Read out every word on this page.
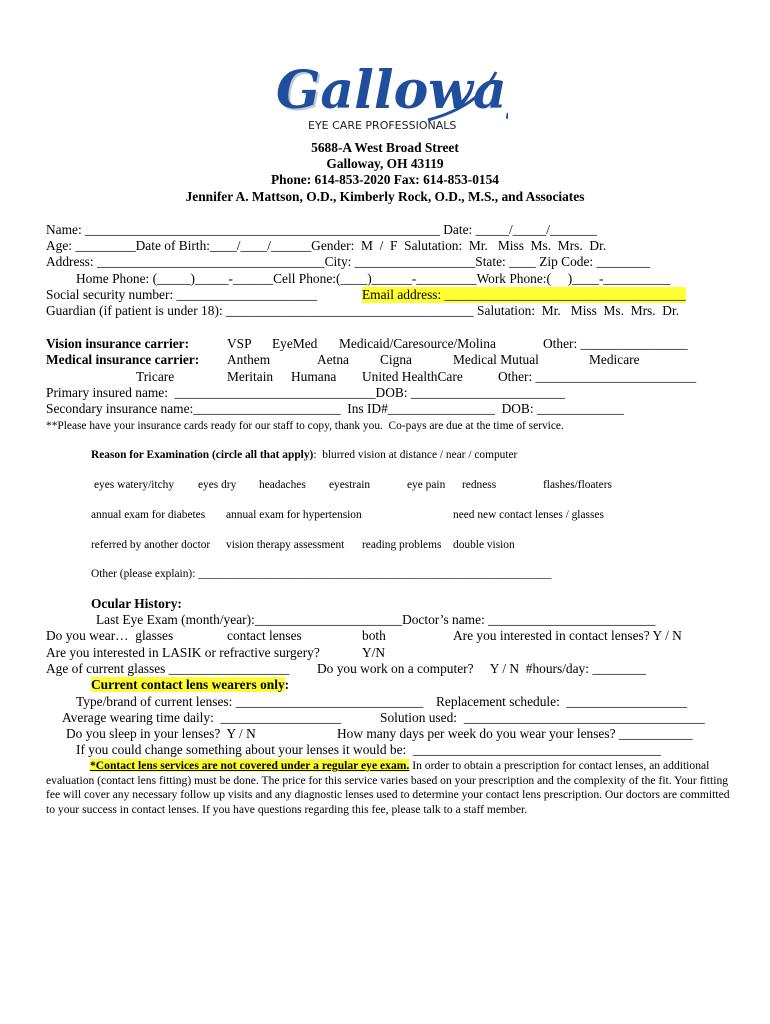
G
Gallowa
EYE CARE PROFESSIONALS
5688-A West Broad Street
Galloway, OH 43119
Phone: 614-853-2020 Fax: 614-853-0154
Jennifer A. Mattson, O.D., Kimberly Rock, O.D., M.S., and Associates
Name: _____________________________________________________ Date: _____/_____/_______
Age: _________Date of Birth:____/____/______Gender:  M  /  F  Salutation:  Mr.   Miss  Ms.  Mrs.  Dr.
Address: __________________________________City: __________________State: ____ Zip Code: ________
Home Phone: (_____)_____-______Cell Phone:(____)______-_________Work Phone:(     )____-__________
Social security number: _____________________	Email address: ____________________________________
Guardian (if patient is under 18): _____________________________________ Salutation:  Mr.   Miss  Ms.  Mrs.  Dr.
Vision insurance carrier:	VSP EyeMed Medicaid/Caresource/Molina	Other: ________________
Medical insurance carrier: Anthem	Aetna Cigna	Medical Mutual	Medicare
Tricare	Meritain Humana United HealthCare	Other: ________________________
Primary insured name:  ______________________________DOB: _______________________
Secondary insurance name:______________________  Ins ID#________________  DOB: _____________
**Please have your insurance cards ready for our staff to copy, thank you.  Co-pays are due at the time of service.
Reason for Examination (circle all that apply):  blurred vision at distance / near / computer
eyes watery/itchy eyes dry headaches eyestrain	eye pain redness	flashes/floaters
annual exam for diabetes annual exam for hypertension	need new contact lenses / glasses
referred by another doctor vision therapy assessment reading problems double vision
Other (please explain): ______________________________________________________________
Ocular History:
Last Eye Exam (month/year):______________________Doctor’s name: _________________________
Do you wear…  glasses	contact lenses	both	Are you interested in contact lenses? Y / N
Are you interested in LASIK or refractive surgery?	Y/N
Age of current glasses __________________ Do you work on a computer?     Y / N  #hours/day: ________
Current contact lens wearers only:
Type/brand of current lenses: ____________________________ Replacement schedule:  __________________
Average wearing time daily:  __________________	Solution used:  ____________________________________
Do you sleep in your lenses?  Y / N	How many days per week do you wear your lenses? ___________
If you could change something about your lenses it would be:  _____________________________________
*Contact lens services are not covered under a regular eye exam. In order to obtain a prescription for contact lenses, an additional evaluation (contact lens fitting) must be done. The price for this service varies based on your prescription and the complexity of the fit. Your fitting fee will cover any necessary follow up visits and any diagnostic lenses used to determine your contact lens prescription. Our doctors are committed to your success in contact lenses. If you have questions regarding this fee, please talk to a staff member.
